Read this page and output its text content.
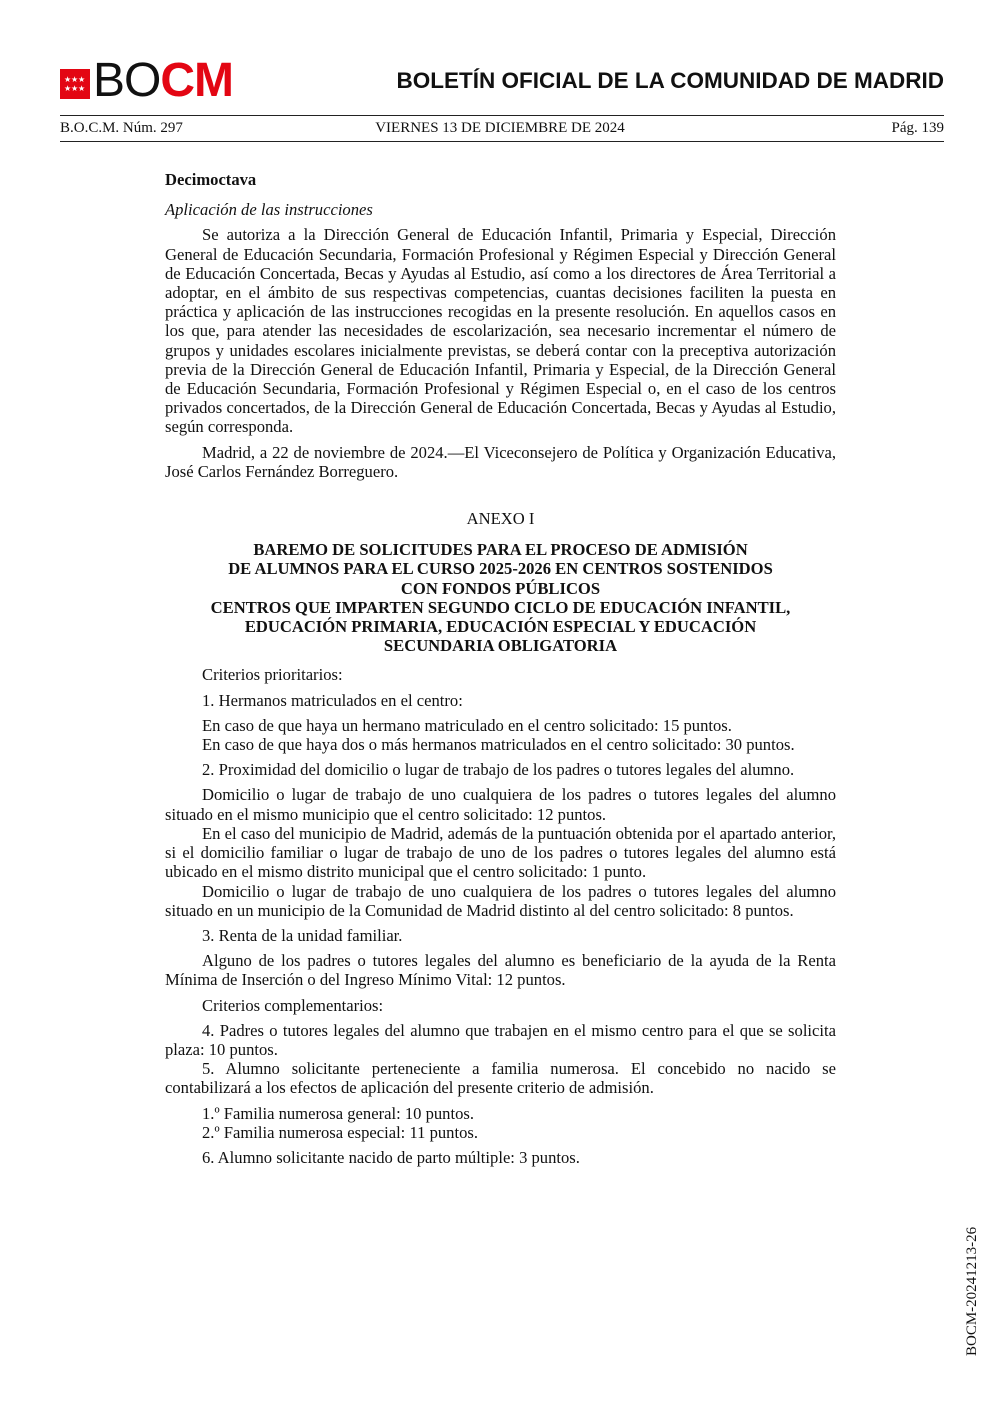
★ ★ ★
★ ★ ★ BO CM	BOLETÍN OFICIAL DE LA COMUNIDAD DE MADRID
B.O.C.M. Núm. 297	VIERNES 13 DE DICIEMBRE DE 2024	Pág. 139

Decimoctava

Aplicación de las instrucciones

Se autoriza a la Dirección General de Educación Infantil, Primaria y Especial, Dirección General de Educación Secundaria, Formación Profesional y Régimen Especial y Dirección General de Educación Concertada, Becas y Ayudas al Estudio, así como a los directores de Área Territorial a adoptar, en el ámbito de sus respectivas competencias, cuantas decisiones faciliten la puesta en práctica y aplicación de las instrucciones recogidas en la presente resolución. En aquellos casos en los que, para atender las necesidades de escolarización, sea necesario incrementar el número de grupos y unidades escolares inicialmente previstas, se deberá contar con la preceptiva autorización previa de la Dirección General de Educación Infantil, Primaria y Especial, de la Dirección General de Educación Secundaria, Formación Profesional y Régimen Especial o, en el caso de los centros privados concertados, de la Dirección General de Educación Concertada, Becas y Ayudas al Estudio, según corresponda.

Madrid, a 22 de noviembre de 2024.—El Viceconsejero de Política y Organización Educativa, José Carlos Fernández Borreguero.

ANEXO I

BAREMO DE SOLICITUDES PARA EL PROCESO DE ADMISIÓN
DE ALUMNOS PARA EL CURSO 2025-2026 EN CENTROS SOSTENIDOS
CON FONDOS PÚBLICOS
CENTROS QUE IMPARTEN SEGUNDO CICLO DE EDUCACIÓN INFANTIL,
EDUCACIÓN PRIMARIA, EDUCACIÓN ESPECIAL Y EDUCACIÓN
SECUNDARIA OBLIGATORIA

Criterios prioritarios:

1. Hermanos matriculados en el centro:

En caso de que haya un hermano matriculado en el centro solicitado: 15 puntos.

En caso de que haya dos o más hermanos matriculados en el centro solicitado: 30 puntos.

2. Proximidad del domicilio o lugar de trabajo de los padres o tutores legales del alumno.

Domicilio o lugar de trabajo de uno cualquiera de los padres o tutores legales del alumno situado en el mismo municipio que el centro solicitado: 12 puntos.

En el caso del municipio de Madrid, además de la puntuación obtenida por el apartado anterior, si el domicilio familiar o lugar de trabajo de uno de los padres o tutores legales del alumno está ubicado en el mismo distrito municipal que el centro solicitado: 1 punto.

Domicilio o lugar de trabajo de uno cualquiera de los padres o tutores legales del alumno situado en un municipio de la Comunidad de Madrid distinto al del centro solicitado: 8 puntos.

3. Renta de la unidad familiar.

Alguno de los padres o tutores legales del alumno es beneficiario de la ayuda de la Renta Mínima de Inserción o del Ingreso Mínimo Vital: 12 puntos.

Criterios complementarios:

4. Padres o tutores legales del alumno que trabajen en el mismo centro para el que se solicita plaza: 10 puntos.

5. Alumno solicitante perteneciente a familia numerosa. El concebido no nacido se contabilizará a los efectos de aplicación del presente criterio de admisión.

1.º Familia numerosa general: 10 puntos.

2.º Familia numerosa especial: 11 puntos.

6. Alumno solicitante nacido de parto múltiple: 3 puntos.

BOCM-20241213-26
